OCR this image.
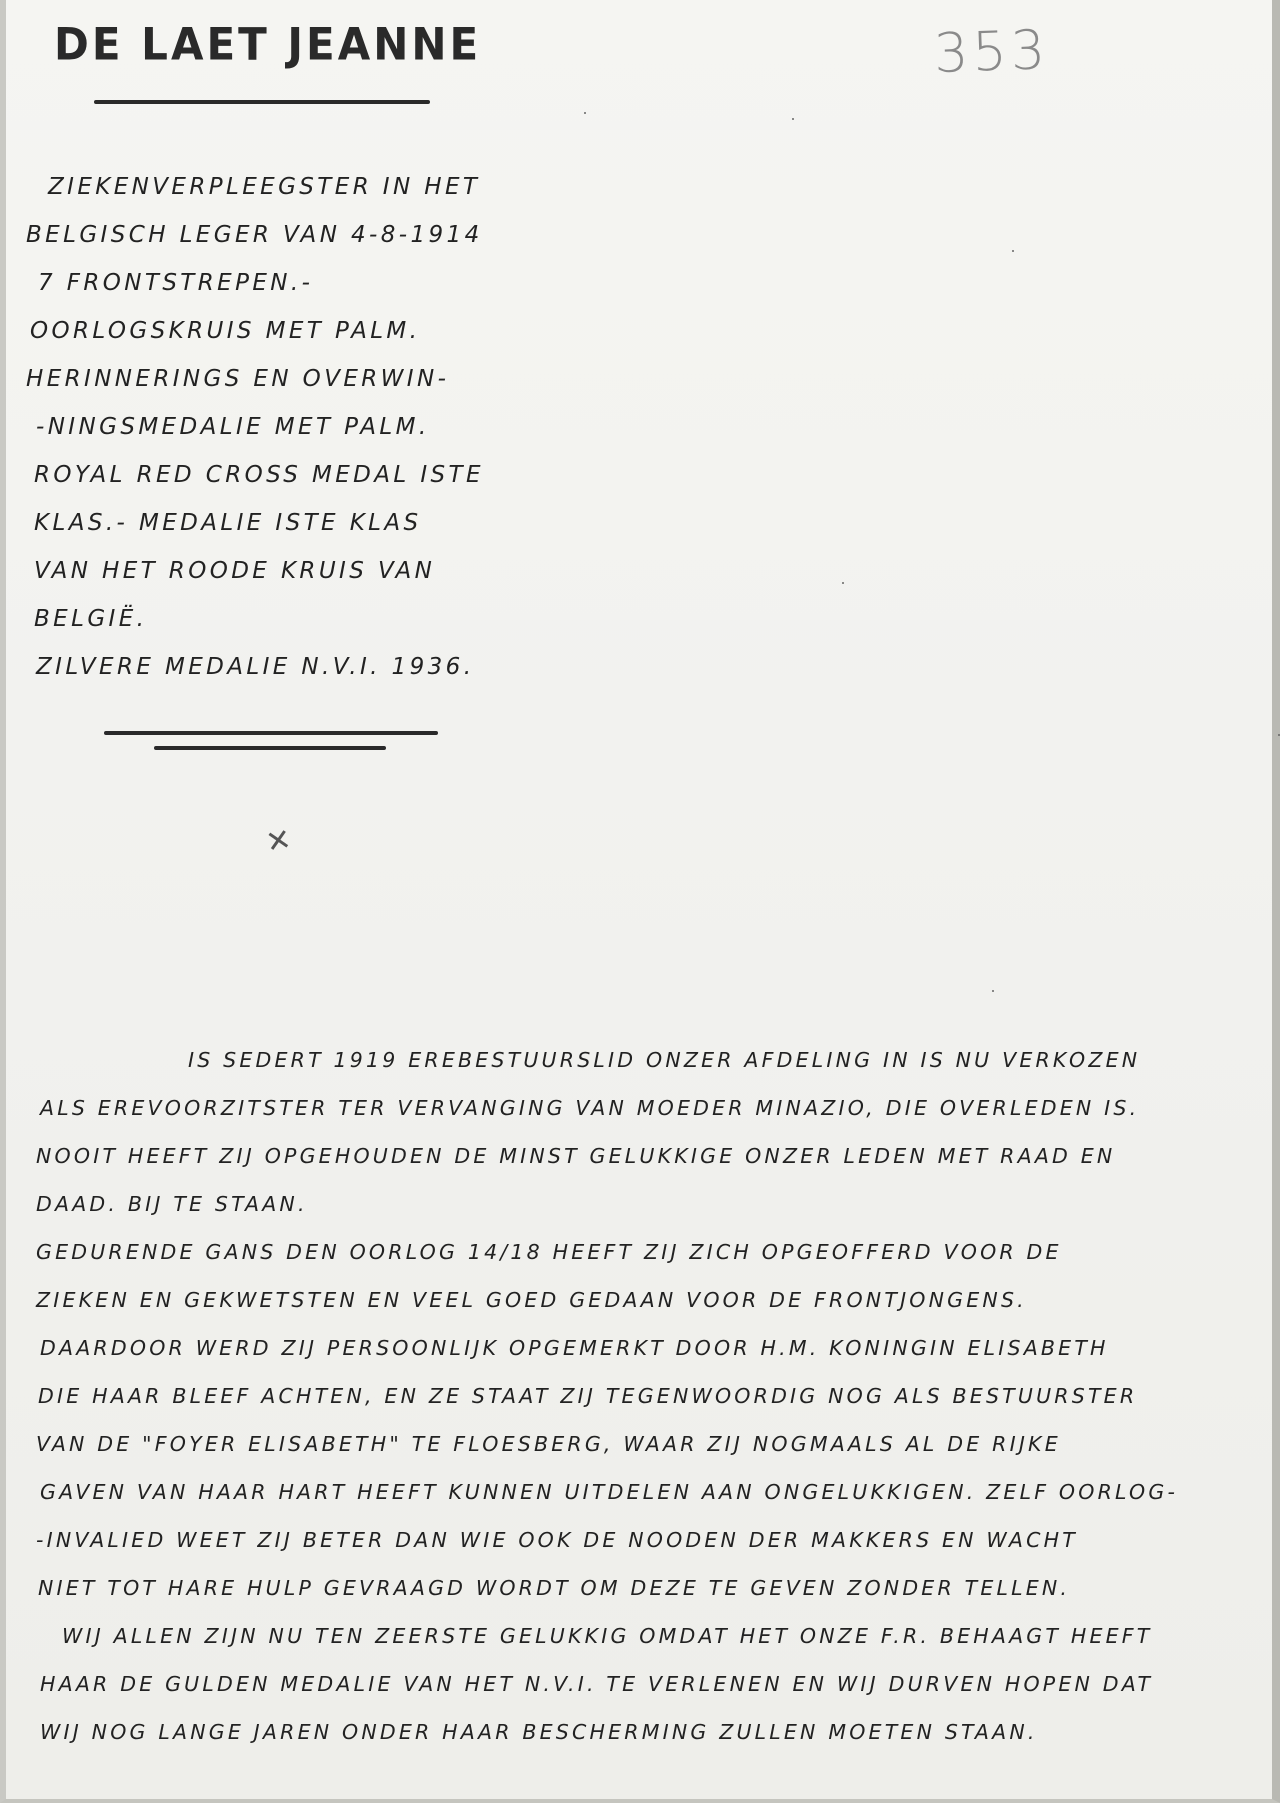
DE LAET JEANNE	353
ZIEKENVERPLEEGSTER IN HET
BELGISCH LEGER VAN 4-8-1914
7 FRONTSTREPEN.-
OORLOGSKRUIS MET PALM.
HERINNERINGS EN OVERWIN-
-NINGSMEDALIE MET PALM.
ROYAL RED CROSS MEDAL ISTE
KLAS.- MEDALIE ISTE KLAS
VAN HET ROODE KRUIS VAN
BELGIË.
ZILVERE MEDALIE N.V.I. 1936.
✕
IS SEDERT 1919 EREBESTUURSLID ONZER AFDELING IN IS NU VERKOZEN
ALS EREVOORZITSTER TER VERVANGING VAN MOEDER MINAZIO, DIE OVERLEDEN IS.
NOOIT HEEFT ZIJ OPGEHOUDEN DE MINST GELUKKIGE ONZER LEDEN MET RAAD EN
DAAD. BIJ TE STAAN.
GEDURENDE GANS DEN OORLOG 14/18 HEEFT ZIJ ZICH OPGEOFFERD VOOR DE
ZIEKEN EN GEKWETSTEN EN VEEL GOED GEDAAN VOOR DE FRONTJONGENS.
DAARDOOR WERD ZIJ PERSOONLIJK OPGEMERKT DOOR H.M. KONINGIN ELISABETH
DIE HAAR BLEEF ACHTEN, EN ZE STAAT ZIJ TEGENWOORDIG NOG ALS BESTUURSTER
VAN DE "FOYER ELISABETH" TE FLOESBERG, WAAR ZIJ NOGMAALS AL DE RIJKE
GAVEN VAN HAAR HART HEEFT KUNNEN UITDELEN AAN ONGELUKKIGEN. ZELF OORLOG-
-INVALIED WEET ZIJ BETER DAN WIE OOK DE NOODEN DER MAKKERS EN WACHT
NIET TOT HARE HULP GEVRAAGD WORDT OM DEZE TE GEVEN ZONDER TELLEN.
WIJ ALLEN ZIJN NU TEN ZEERSTE GELUKKIG OMDAT HET ONZE F.R. BEHAAGT HEEFT
HAAR DE GULDEN MEDALIE VAN HET N.V.I. TE VERLENEN EN WIJ DURVEN HOPEN DAT
WIJ NOG LANGE JAREN ONDER HAAR BESCHERMING ZULLEN MOETEN STAAN.
